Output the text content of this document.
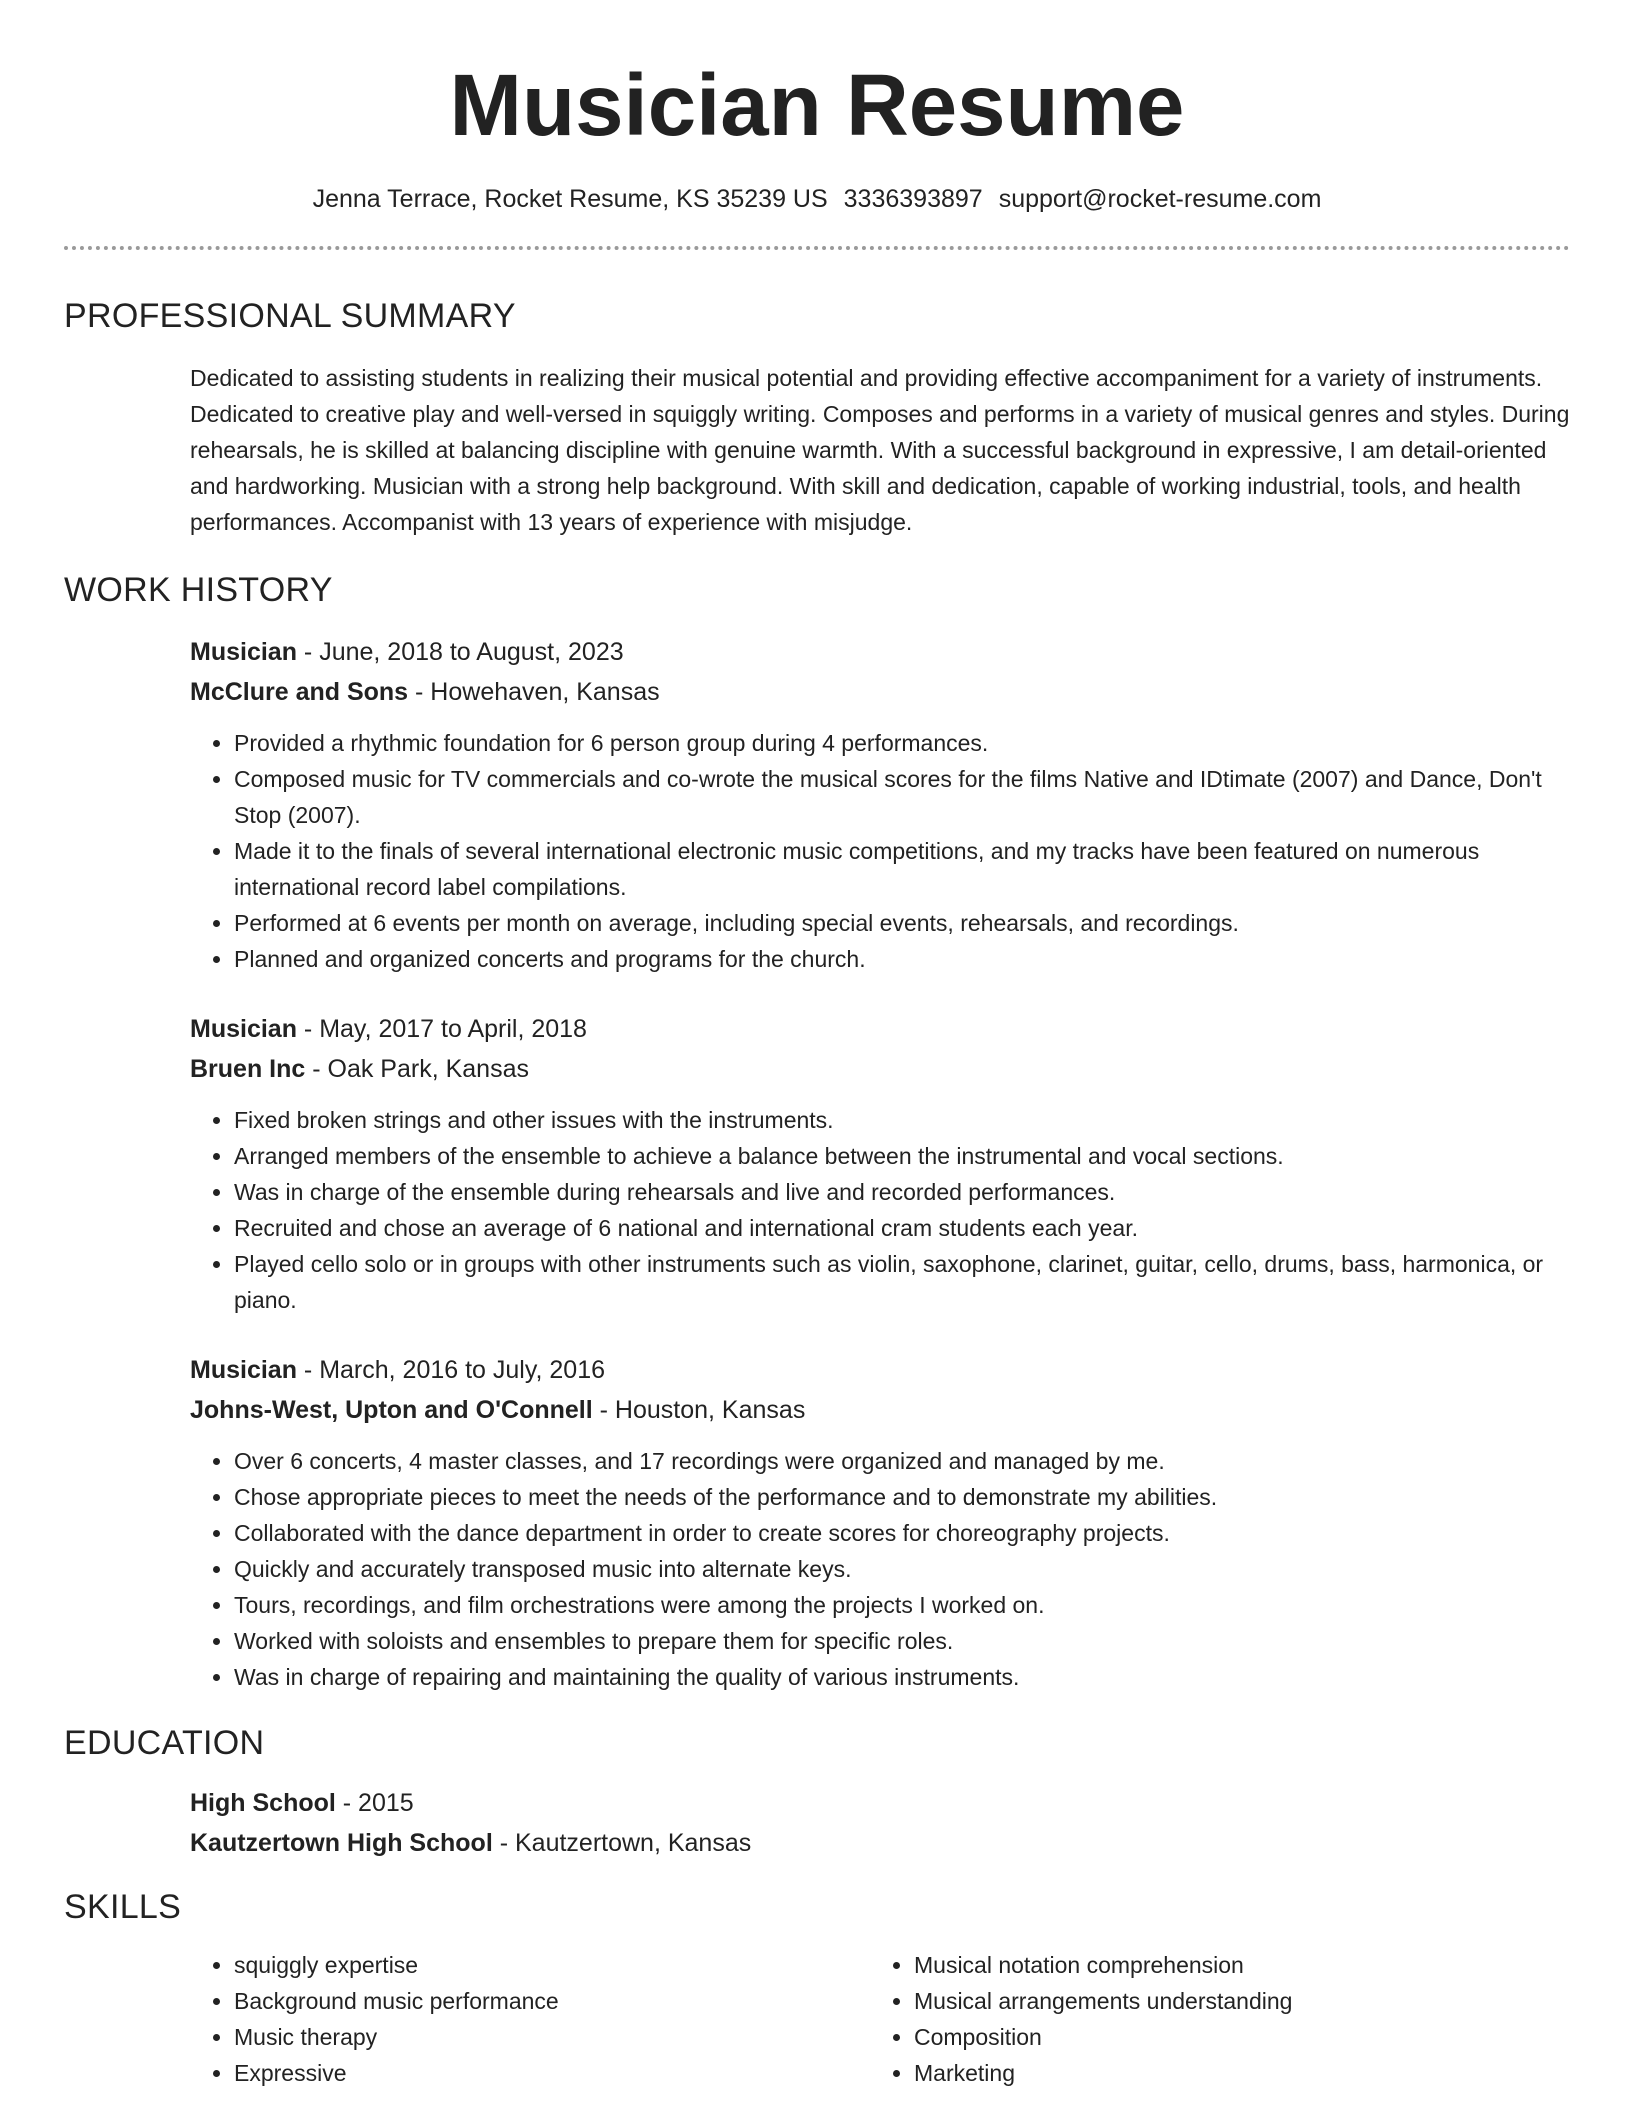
Musician Resume
Jenna Terrace, Rocket Resume, KS 35239 US 3336393897 support@rocket-resume.com
PROFESSIONAL SUMMARY
Dedicated to assisting students in realizing their musical potential and providing effective accompaniment for a variety of instruments. Dedicated to creative play and well-versed in squiggly writing. Composes and performs in a variety of musical genres and styles. During rehearsals, he is skilled at balancing discipline with genuine warmth. With a successful background in expressive, I am detail-oriented and hardworking. Musician with a strong help background. With skill and dedication, capable of working industrial, tools, and health performances. Accompanist with 13 years of experience with misjudge.
WORK HISTORY
Musician - June, 2018 to August, 2023
McClure and Sons - Howehaven, Kansas
• Provided a rhythmic foundation for 6 person group during 4 performances.
• Composed music for TV commercials and co-wrote the musical scores for the films Native and IDtimate (2007) and Dance, Don't Stop (2007).
• Made it to the finals of several international electronic music competitions, and my tracks have been featured on numerous international record label compilations.
• Performed at 6 events per month on average, including special events, rehearsals, and recordings.
• Planned and organized concerts and programs for the church.
Musician - May, 2017 to April, 2018
Bruen Inc - Oak Park, Kansas
• Fixed broken strings and other issues with the instruments.
• Arranged members of the ensemble to achieve a balance between the instrumental and vocal sections.
• Was in charge of the ensemble during rehearsals and live and recorded performances.
• Recruited and chose an average of 6 national and international cram students each year.
• Played cello solo or in groups with other instruments such as violin, saxophone, clarinet, guitar, cello, drums, bass, harmonica, or piano.
Musician - March, 2016 to July, 2016
Johns-West, Upton and O'Connell - Houston, Kansas
• Over 6 concerts, 4 master classes, and 17 recordings were organized and managed by me.
• Chose appropriate pieces to meet the needs of the performance and to demonstrate my abilities.
• Collaborated with the dance department in order to create scores for choreography projects.
• Quickly and accurately transposed music into alternate keys.
• Tours, recordings, and film orchestrations were among the projects I worked on.
• Worked with soloists and ensembles to prepare them for specific roles.
• Was in charge of repairing and maintaining the quality of various instruments.
EDUCATION
High School - 2015
Kautzertown High School - Kautzertown, Kansas
SKILLS
• squiggly expertise
• Background music performance
• Music therapy
• Expressive
• Musical notation comprehension
• Musical arrangements understanding
• Composition
• Marketing
